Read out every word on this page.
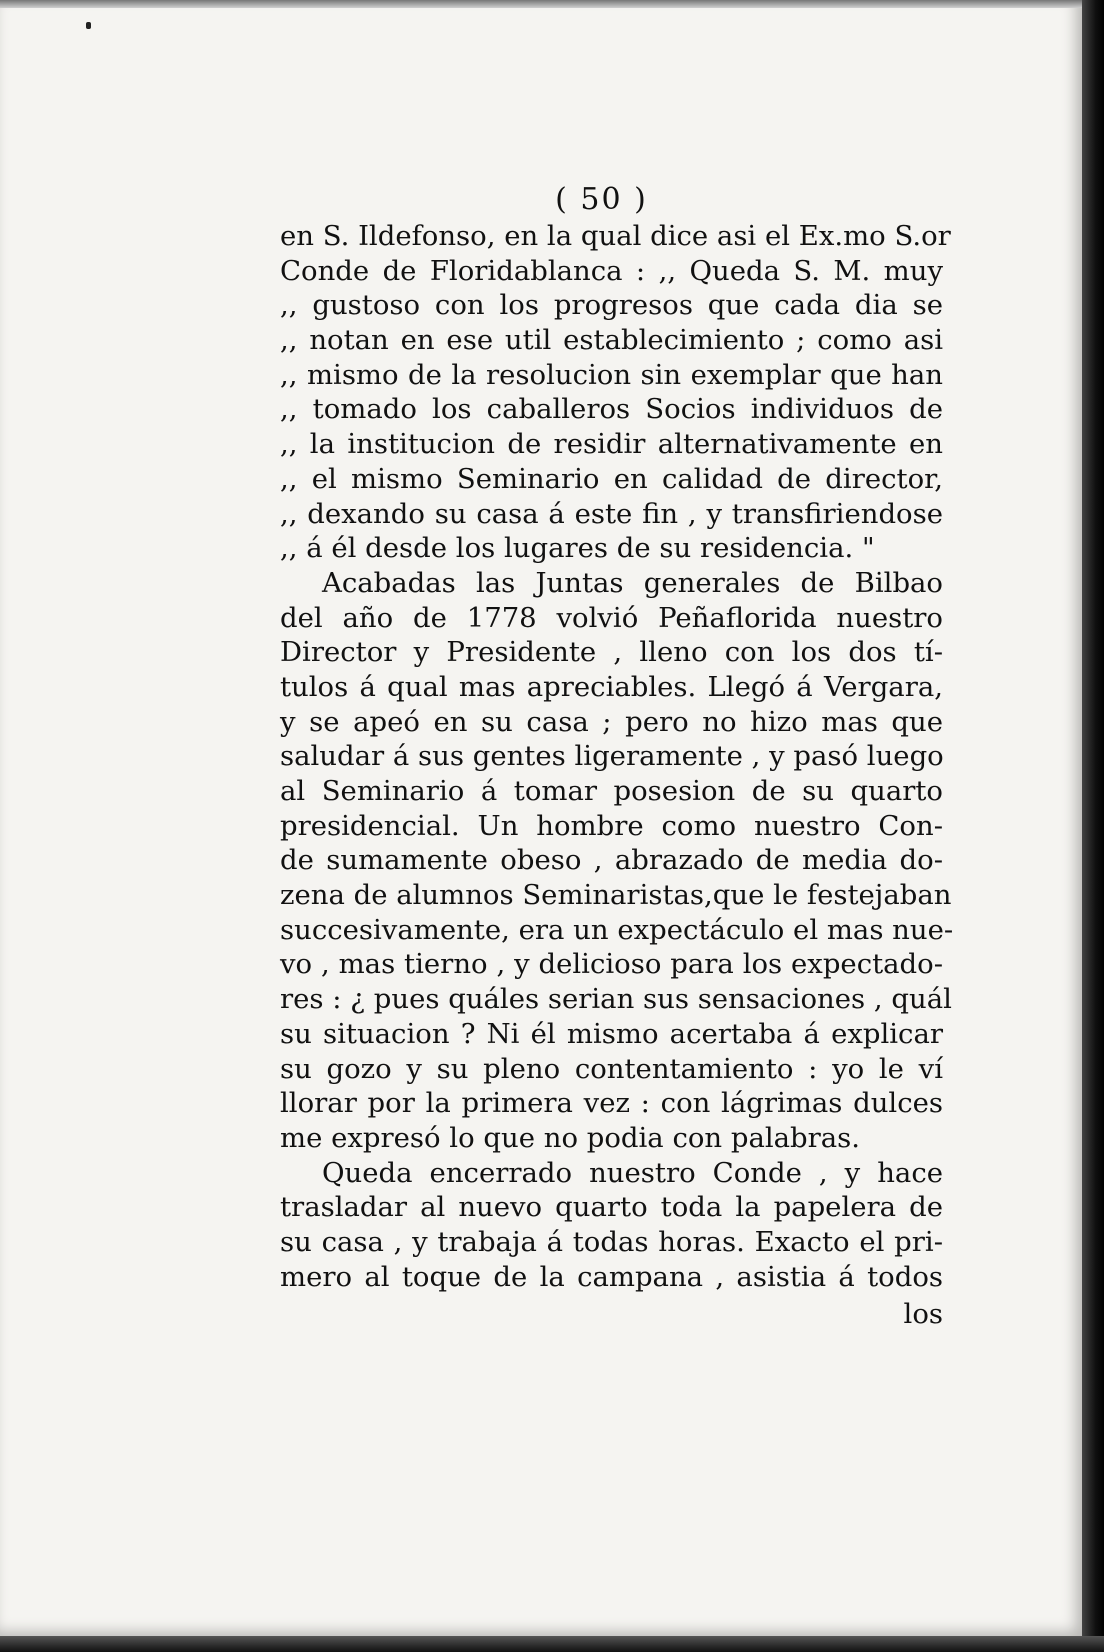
( 50 )
en S. Ildefonso, en la qual dice asi el Ex.mo S.or
Conde de Floridablanca : ,, Queda S. M. muy
,, gustoso con los progresos que cada dia se
,, notan en ese util establecimiento ; como asi
,, mismo de la resolucion sin exemplar que han
,, tomado los caballeros Socios individuos de
,, la institucion de residir alternativamente en
,, el mismo Seminario en calidad de director,
,, dexando su casa á este fin , y transfiriendose
,, á él desde los lugares de su residencia. "
Acabadas las Juntas generales de Bilbao
del año de 1778 volvió Peñaflorida nuestro
Director y Presidente , lleno con los dos tí-
tulos á qual mas apreciables. Llegó á Vergara,
y se apeó en su casa ; pero no hizo mas que
saludar á sus gentes ligeramente , y pasó luego
al Seminario á tomar posesion de su quarto
presidencial. Un hombre como nuestro Con-
de sumamente obeso , abrazado de media do-
zena de alumnos Seminaristas,que le festejaban
succesivamente, era un expectáculo el mas nue-
vo , mas tierno , y delicioso para los expectado-
res : ¿ pues quáles serian sus sensaciones , quál
su situacion ? Ni él mismo acertaba á explicar
su gozo y su pleno contentamiento : yo le ví
llorar por la primera vez : con lágrimas dulces
me expresó lo que no podia con palabras.
Queda encerrado nuestro Conde , y hace
trasladar al nuevo quarto toda la papelera de
su casa , y trabaja á todas horas. Exacto el pri-
mero al toque de la campana , asistia á todos
los
